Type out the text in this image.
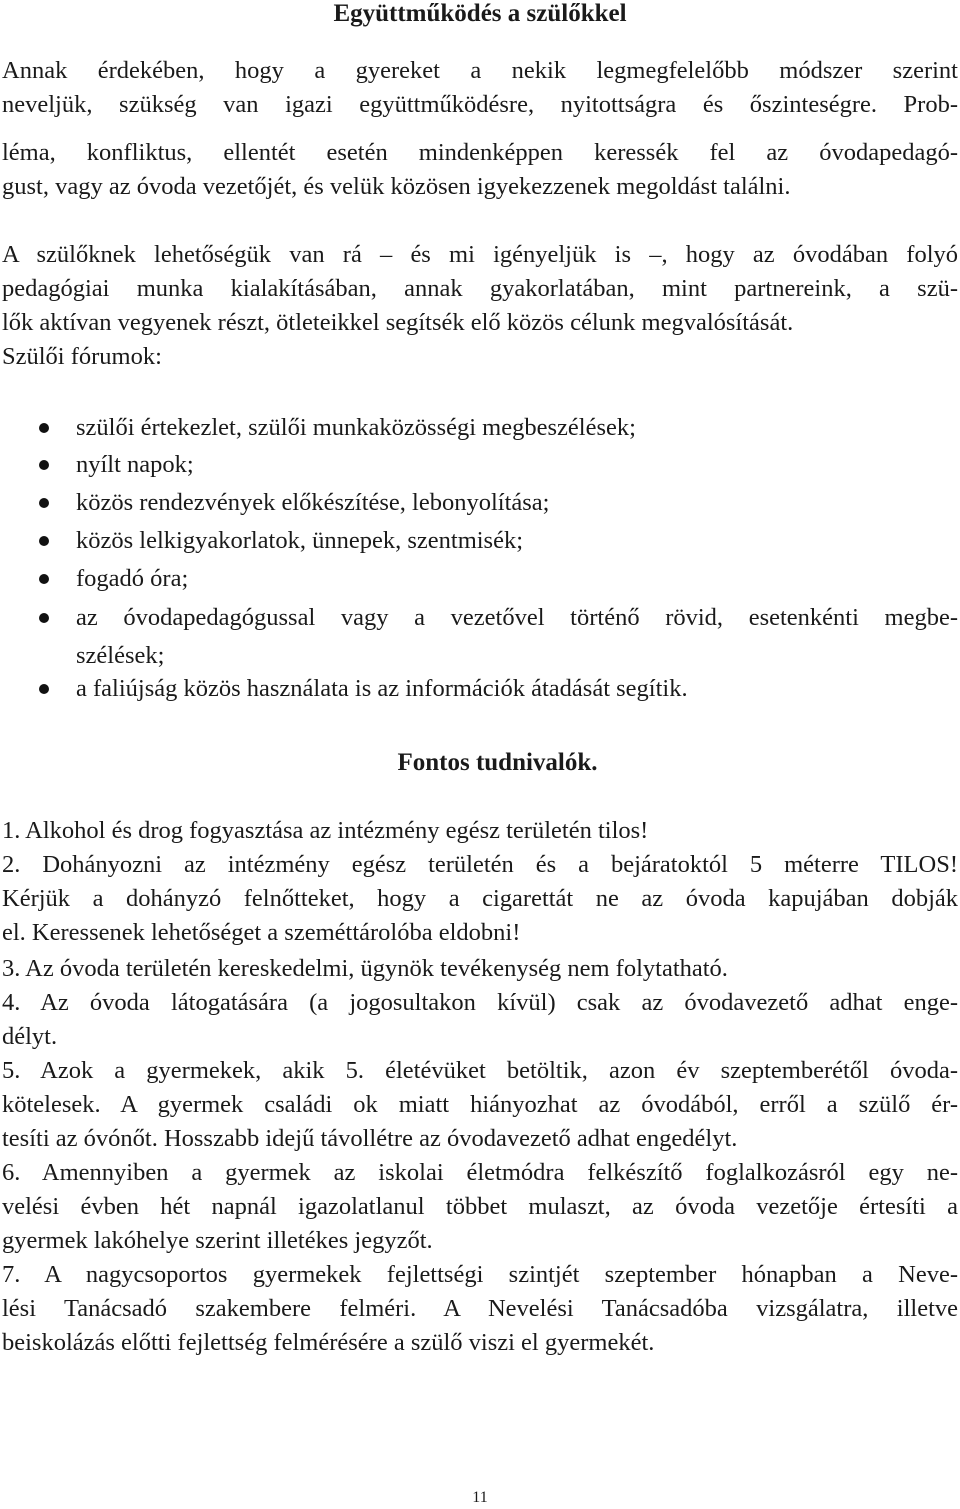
Együttműködés a szülőkkel
Annak érdekében, hogy a gyereket a nekik legmegfelelőbb módszer szerint
neveljük, szükség van igazi együttműködésre, nyitottságra és őszinteségre. Prob-
léma, konfliktus, ellentét esetén mindenképpen keressék fel az óvodapedagó-
gust, vagy az óvoda vezetőjét, és velük közösen igyekezzenek megoldást találni.
A szülőknek lehetőségük van rá – és mi igényeljük is –, hogy az óvodában folyó
pedagógiai munka kialakításában, annak gyakorlatában, mint partnereink, a szü-
lők aktívan vegyenek részt, ötleteikkel segítsék elő közös célunk megvalósítását.
Szülői fórumok:
szülői értekezlet, szülői munkaközösségi megbeszélések;
nyílt napok;
közös rendezvények előkészítése, lebonyolítása;
közös lelkigyakorlatok, ünnepek, szentmisék;
fogadó óra;
az óvodapedagógussal vagy a vezetővel történő rövid, esetenkénti megbe-
szélések;
a faliújság közös használata is az információk átadását segítik.
Fontos tudnivalók.
1. Alkohol és drog fogyasztása az intézmény egész területén tilos!
2. Dohányozni az intézmény egész területén és a bejáratoktól 5 méterre TILOS!
Kérjük a dohányzó felnőtteket, hogy a cigarettát ne az óvoda kapujában dobják
el. Keressenek lehetőséget a szeméttárolóba eldobni!
3. Az óvoda területén kereskedelmi, ügynök tevékenység nem folytatható.
4. Az óvoda látogatására (a jogosultakon kívül) csak az óvodavezető adhat enge-
délyt.
5. Azok a gyermekek, akik 5. életévüket betöltik, azon év szeptemberétől óvoda-
kötelesek. A gyermek családi ok miatt hiányozhat az óvodából, erről a szülő ér-
tesíti az óvónőt. Hosszabb idejű távollétre az óvodavezető adhat engedélyt.
6. Amennyiben a gyermek az iskolai életmódra felkészítő foglalkozásról egy ne-
velési évben hét napnál igazolatlanul többet mulaszt, az óvoda vezetője értesíti a
gyermek lakóhelye szerint illetékes jegyzőt.
7. A nagycsoportos gyermekek fejlettségi szintjét szeptember hónapban a Neve-
lési Tanácsadó szakembere felméri. A Nevelési Tanácsadóba vizsgálatra, illetve
beiskolázás előtti fejlettség felmérésére a szülő viszi el gyermekét.
11
